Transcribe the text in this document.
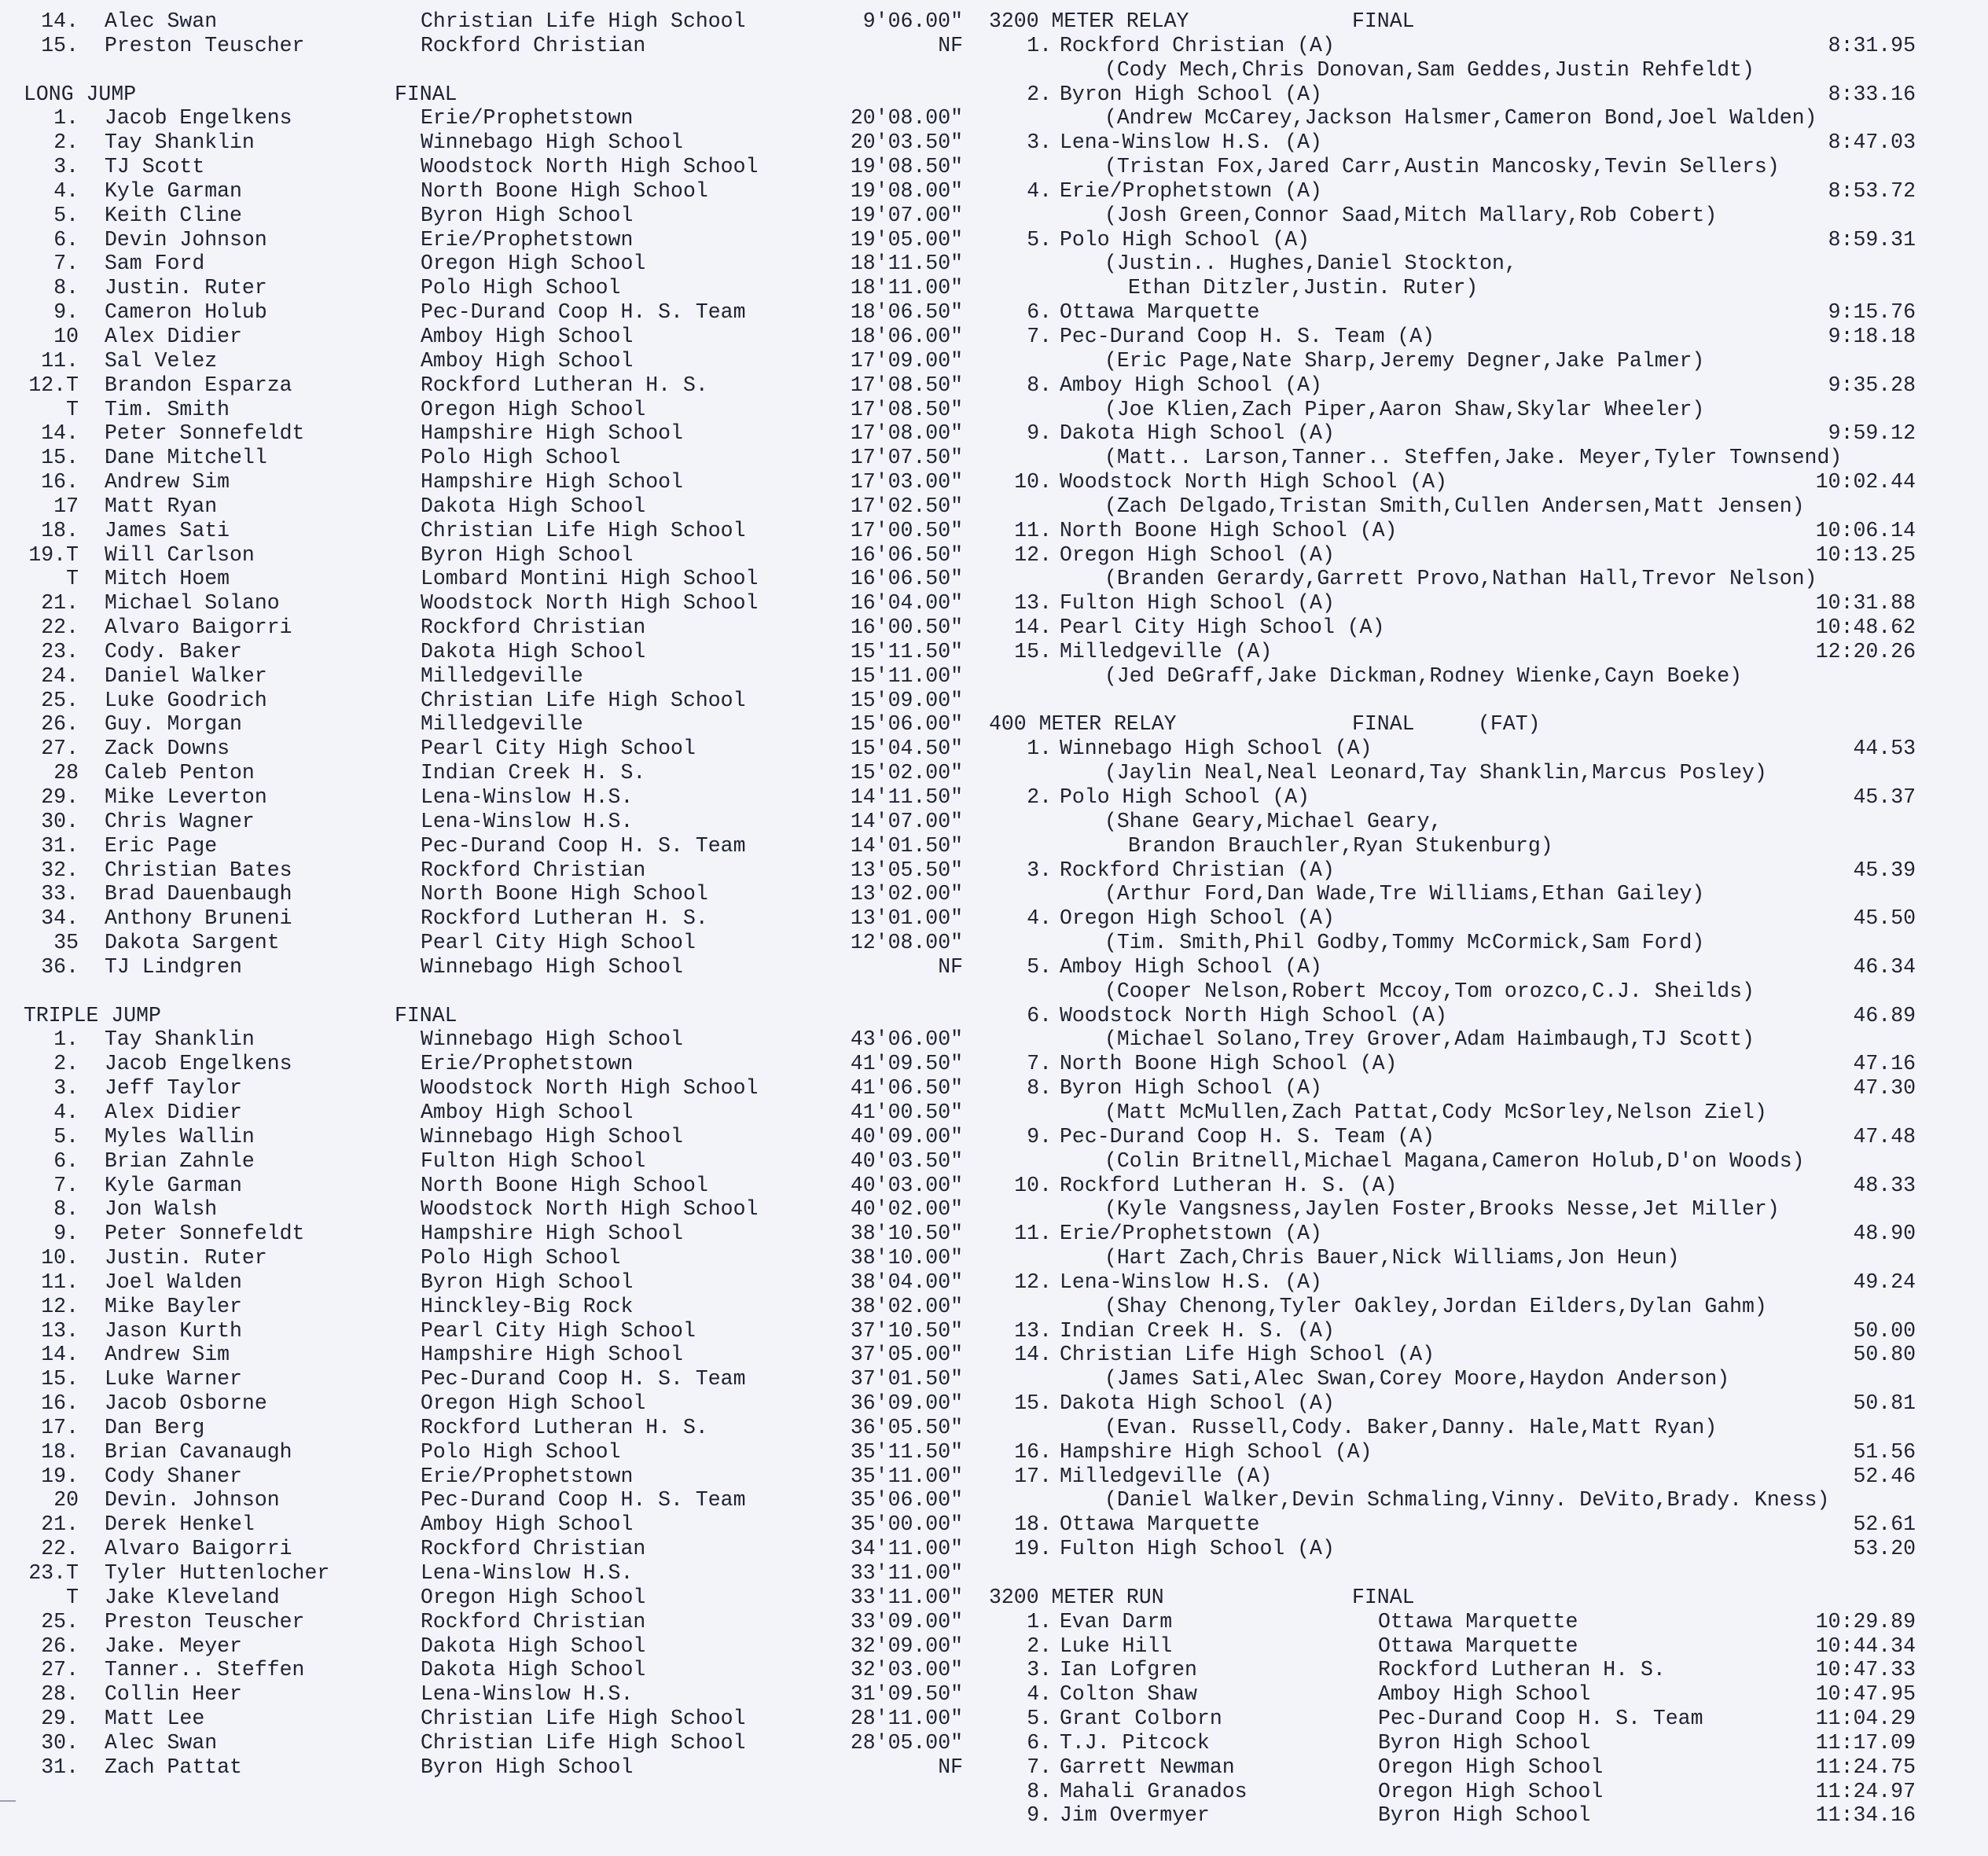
14. Alec Swan	Christian Life High School	9'06.00"
15. Preston Teuscher	Rockford Christian	NF
LONG JUMP	FINAL
1. Jacob Engelkens	Erie/Prophetstown	20'08.00"
2. Tay Shanklin	Winnebago High School	20'03.50"
3. TJ Scott	Woodstock North High School	19'08.50"
4. Kyle Garman	North Boone High School	19'08.00"
5. Keith Cline	Byron High School	19'07.00"
6. Devin Johnson	Erie/Prophetstown	19'05.00"
7. Sam Ford	Oregon High School	18'11.50"
8. Justin. Ruter	Polo High School	18'11.00"
9. Cameron Holub	Pec-Durand Coop H. S. Team	18'06.50"
10 Alex Didier	Amboy High School	18'06.00"
11. Sal Velez	Amboy High School	17'09.00"
12.T Brandon Esparza	Rockford Lutheran H. S.	17'08.50"
T Tim. Smith	Oregon High School	17'08.50"
14. Peter Sonnefeldt	Hampshire High School	17'08.00"
15. Dane Mitchell	Polo High School	17'07.50"
16. Andrew Sim	Hampshire High School	17'03.00"
17 Matt Ryan	Dakota High School	17'02.50"
18. James Sati	Christian Life High School	17'00.50"
19.T Will Carlson	Byron High School	16'06.50"
T Mitch Hoem	Lombard Montini High School	16'06.50"
21. Michael Solano	Woodstock North High School	16'04.00"
22. Alvaro Baigorri	Rockford Christian	16'00.50"
23. Cody. Baker	Dakota High School	15'11.50"
24. Daniel Walker	Milledgeville	15'11.00"
25. Luke Goodrich	Christian Life High School	15'09.00"
26. Guy. Morgan	Milledgeville	15'06.00"
27. Zack Downs	Pearl City High School	15'04.50"
28 Caleb Penton	Indian Creek H. S.	15'02.00"
29. Mike Leverton	Lena-Winslow H.S.	14'11.50"
30. Chris Wagner	Lena-Winslow H.S.	14'07.00"
31. Eric Page	Pec-Durand Coop H. S. Team	14'01.50"
32. Christian Bates	Rockford Christian	13'05.50"
33. Brad Dauenbaugh	North Boone High School	13'02.00"
34. Anthony Bruneni	Rockford Lutheran H. S.	13'01.00"
35 Dakota Sargent	Pearl City High School	12'08.00"
36. TJ Lindgren	Winnebago High School	NF
TRIPLE JUMP	FINAL
1. Tay Shanklin	Winnebago High School	43'06.00"
2. Jacob Engelkens	Erie/Prophetstown	41'09.50"
3. Jeff Taylor	Woodstock North High School	41'06.50"
4. Alex Didier	Amboy High School	41'00.50"
5. Myles Wallin	Winnebago High School	40'09.00"
6. Brian Zahnle	Fulton High School	40'03.50"
7. Kyle Garman	North Boone High School	40'03.00"
8. Jon Walsh	Woodstock North High School	40'02.00"
9. Peter Sonnefeldt	Hampshire High School	38'10.50"
10. Justin. Ruter	Polo High School	38'10.00"
11. Joel Walden	Byron High School	38'04.00"
12. Mike Bayler	Hinckley-Big Rock	38'02.00"
13. Jason Kurth	Pearl City High School	37'10.50"
14. Andrew Sim	Hampshire High School	37'05.00"
15. Luke Warner	Pec-Durand Coop H. S. Team	37'01.50"
16. Jacob Osborne	Oregon High School	36'09.00"
17. Dan Berg	Rockford Lutheran H. S.	36'05.50"
18. Brian Cavanaugh	Polo High School	35'11.50"
19. Cody Shaner	Erie/Prophetstown	35'11.00"
20 Devin. Johnson	Pec-Durand Coop H. S. Team	35'06.00"
21. Derek Henkel	Amboy High School	35'00.00"
22. Alvaro Baigorri	Rockford Christian	34'11.00"
23.T Tyler Huttenlocher	Lena-Winslow H.S.	33'11.00"
T Jake Kleveland	Oregon High School	33'11.00"
25. Preston Teuscher	Rockford Christian	33'09.00"
26. Jake. Meyer	Dakota High School	32'09.00"
27. Tanner.. Steffen	Dakota High School	32'03.00"
28. Collin Heer	Lena-Winslow H.S.	31'09.50"
29. Matt Lee	Christian Life High School	28'11.00"
30. Alec Swan	Christian Life High School	28'05.00"
31. Zach Pattat	Byron High School	NF
3200 METER RELAY	FINAL
1. Rockford Christian (A)	8:31.95
(Cody Mech,Chris Donovan,Sam Geddes,Justin Rehfeldt)
2. Byron High School (A)	8:33.16
(Andrew McCarey,Jackson Halsmer,Cameron Bond,Joel Walden)
3. Lena-Winslow H.S. (A)	8:47.03
(Tristan Fox,Jared Carr,Austin Mancosky,Tevin Sellers)
4. Erie/Prophetstown (A)	8:53.72
(Josh Green,Connor Saad,Mitch Mallary,Rob Cobert)
5. Polo High School (A)	8:59.31
(Justin.. Hughes,Daniel Stockton,
Ethan Ditzler,Justin. Ruter)
6. Ottawa Marquette	9:15.76
7. Pec-Durand Coop H. S. Team (A)	9:18.18
(Eric Page,Nate Sharp,Jeremy Degner,Jake Palmer)
8. Amboy High School (A)	9:35.28
(Joe Klien,Zach Piper,Aaron Shaw,Skylar Wheeler)
9. Dakota High School (A)	9:59.12
(Matt.. Larson,Tanner.. Steffen,Jake. Meyer,Tyler Townsend)
10. Woodstock North High School (A)	10:02.44
(Zach Delgado,Tristan Smith,Cullen Andersen,Matt Jensen)
11. North Boone High School (A)	10:06.14
12. Oregon High School (A)	10:13.25
(Branden Gerardy,Garrett Provo,Nathan Hall,Trevor Nelson)
13. Fulton High School (A)	10:31.88
14. Pearl City High School (A)	10:48.62
15. Milledgeville (A)	12:20.26
(Jed DeGraff,Jake Dickman,Rodney Wienke,Cayn Boeke)
400 METER RELAY	FINAL	(FAT)
1. Winnebago High School (A)	44.53
(Jaylin Neal,Neal Leonard,Tay Shanklin,Marcus Posley)
2. Polo High School (A)	45.37
(Shane Geary,Michael Geary,
Brandon Brauchler,Ryan Stukenburg)
3. Rockford Christian (A)	45.39
(Arthur Ford,Dan Wade,Tre Williams,Ethan Gailey)
4. Oregon High School (A)	45.50
(Tim. Smith,Phil Godby,Tommy McCormick,Sam Ford)
5. Amboy High School (A)	46.34
(Cooper Nelson,Robert Mccoy,Tom orozco,C.J. Sheilds)
6. Woodstock North High School (A)	46.89
(Michael Solano,Trey Grover,Adam Haimbaugh,TJ Scott)
7. North Boone High School (A)	47.16
8. Byron High School (A)	47.30
(Matt McMullen,Zach Pattat,Cody McSorley,Nelson Ziel)
9. Pec-Durand Coop H. S. Team (A)	47.48
(Colin Britnell,Michael Magana,Cameron Holub,D'on Woods)
10. Rockford Lutheran H. S. (A)	48.33
(Kyle Vangsness,Jaylen Foster,Brooks Nesse,Jet Miller)
11. Erie/Prophetstown (A)	48.90
(Hart Zach,Chris Bauer,Nick Williams,Jon Heun)
12. Lena-Winslow H.S. (A)	49.24
(Shay Chenong,Tyler Oakley,Jordan Eilders,Dylan Gahm)
13. Indian Creek H. S. (A)	50.00
14. Christian Life High School (A)	50.80
(James Sati,Alec Swan,Corey Moore,Haydon Anderson)
15. Dakota High School (A)	50.81
(Evan. Russell,Cody. Baker,Danny. Hale,Matt Ryan)
16. Hampshire High School (A)	51.56
17. Milledgeville (A)	52.46
(Daniel Walker,Devin Schmaling,Vinny. DeVito,Brady. Kness)
18. Ottawa Marquette	52.61
19. Fulton High School (A)	53.20
3200 METER RUN	FINAL
1. Evan Darm	Ottawa Marquette	10:29.89
2. Luke Hill	Ottawa Marquette	10:44.34
3. Ian Lofgren	Rockford Lutheran H. S.	10:47.33
4. Colton Shaw	Amboy High School	10:47.95
5. Grant Colborn	Pec-Durand Coop H. S. Team	11:04.29
6. T.J. Pitcock	Byron High School	11:17.09
7. Garrett Newman	Oregon High School	11:24.75
8. Mahali Granados	Oregon High School	11:24.97
9. Jim Overmyer	Byron High School	11:34.16
